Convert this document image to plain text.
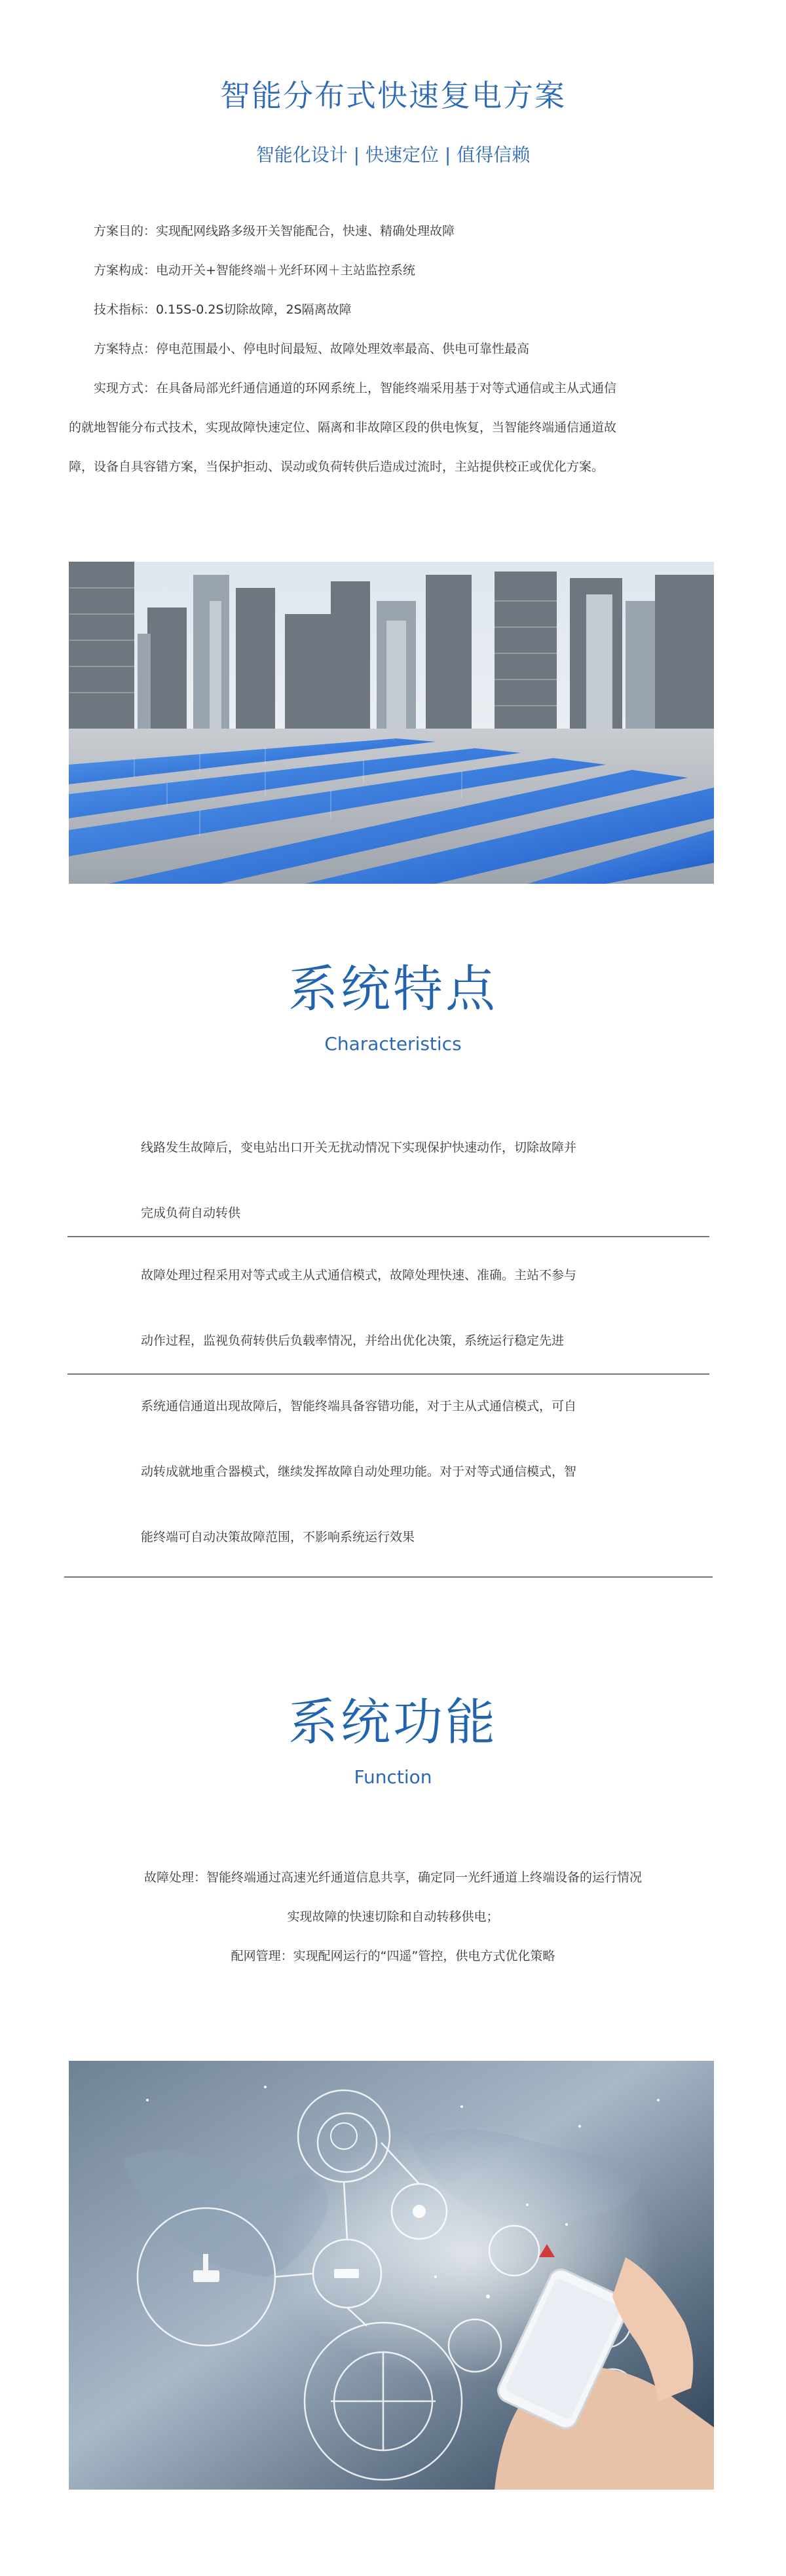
智能分布式快速复电方案
智能化设计 | 快速定位 | 值得信赖
方案目的：实现配网线路多级开关智能配合，快速、精确处理故障
方案构成：电动开关+智能终端＋光纤环网＋主站监控系统
技术指标：0.15S-0.2S切除故障，2S隔离故障
方案特点：停电范围最小、停电时间最短、故障处理效率最高、供电可靠性最高
实现方式：在具备局部光纤通信通道的环网系统上，智能终端采用基于对等式通信或主从式通信
的就地智能分布式技术，实现故障快速定位、隔离和非故障区段的供电恢复，当智能终端通信通道故
障，设备自具容错方案，当保护拒动、误动或负荷转供后造成过流时，主站提供校正或优化方案。
系统特点
Characteristics
线路发生故障后，变电站出口开关无扰动情况下实现保护快速动作，切除故障并
完成负荷自动转供
故障处理过程采用对等式或主从式通信模式，故障处理快速、准确。主站不参与
动作过程，监视负荷转供后负载率情况，并给出优化决策，系统运行稳定先进
系统通信通道出现故障后，智能终端具备容错功能，对于主从式通信模式，可自
动转成就地重合器模式，继续发挥故障自动处理功能。对于对等式通信模式，智
能终端可自动决策故障范围，不影响系统运行效果
系统功能
Function
故障处理：智能终端通过高速光纤通道信息共享，确定同一光纤通道上终端设备的运行情况
实现故障的快速切除和自动转移供电；
配网管理：实现配网运行的“四遥”管控，供电方式优化策略
